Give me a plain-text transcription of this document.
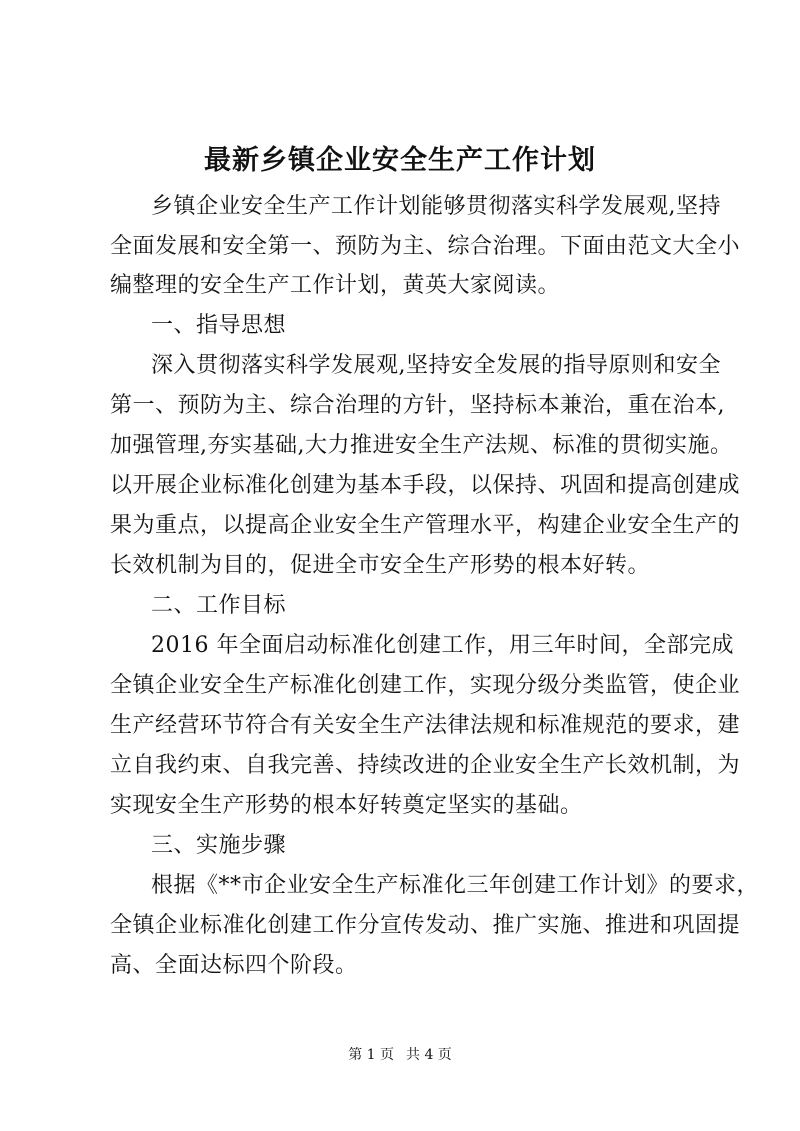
最新乡镇企业安全生产工作计划

乡镇企业安全生产工作计划能够贯彻落实科学发展观,坚持

全面发展和安全第一、预防为主、综合治理。下面由范文大全小

编整理的安全生产工作计划，黄英大家阅读。

一、指导思想

深入贯彻落实科学发展观,坚持安全发展的指导原则和安全

第一、预防为主、综合治理的方针，坚持标本兼治，重在治本,

加强管理,夯实基础,大力推进安全生产法规、标准的贯彻实施。

以开展企业标准化创建为基本手段，以保持、巩固和提高创建成

果为重点，以提高企业安全生产管理水平，构建企业安全生产的

长效机制为目的，促进全市安全生产形势的根本好转。

二、工作目标

2016 年全面启动标准化创建工作，用三年时间，全部完成

全镇企业安全生产标准化创建工作，实现分级分类监管，使企业

生产经营环节符合有关安全生产法律法规和标准规范的要求，建

立自我约束、自我完善、持续改进的企业安全生产长效机制，为

实现安全生产形势的根本好转奠定坚实的基础。

三、实施步骤

根据《**市企业安全生产标准化三年创建工作计划》的要求，

全镇企业标准化创建工作分宣传发动、推广实施、推进和巩固提

高、全面达标四个阶段。

第 1 页 共 4 页
